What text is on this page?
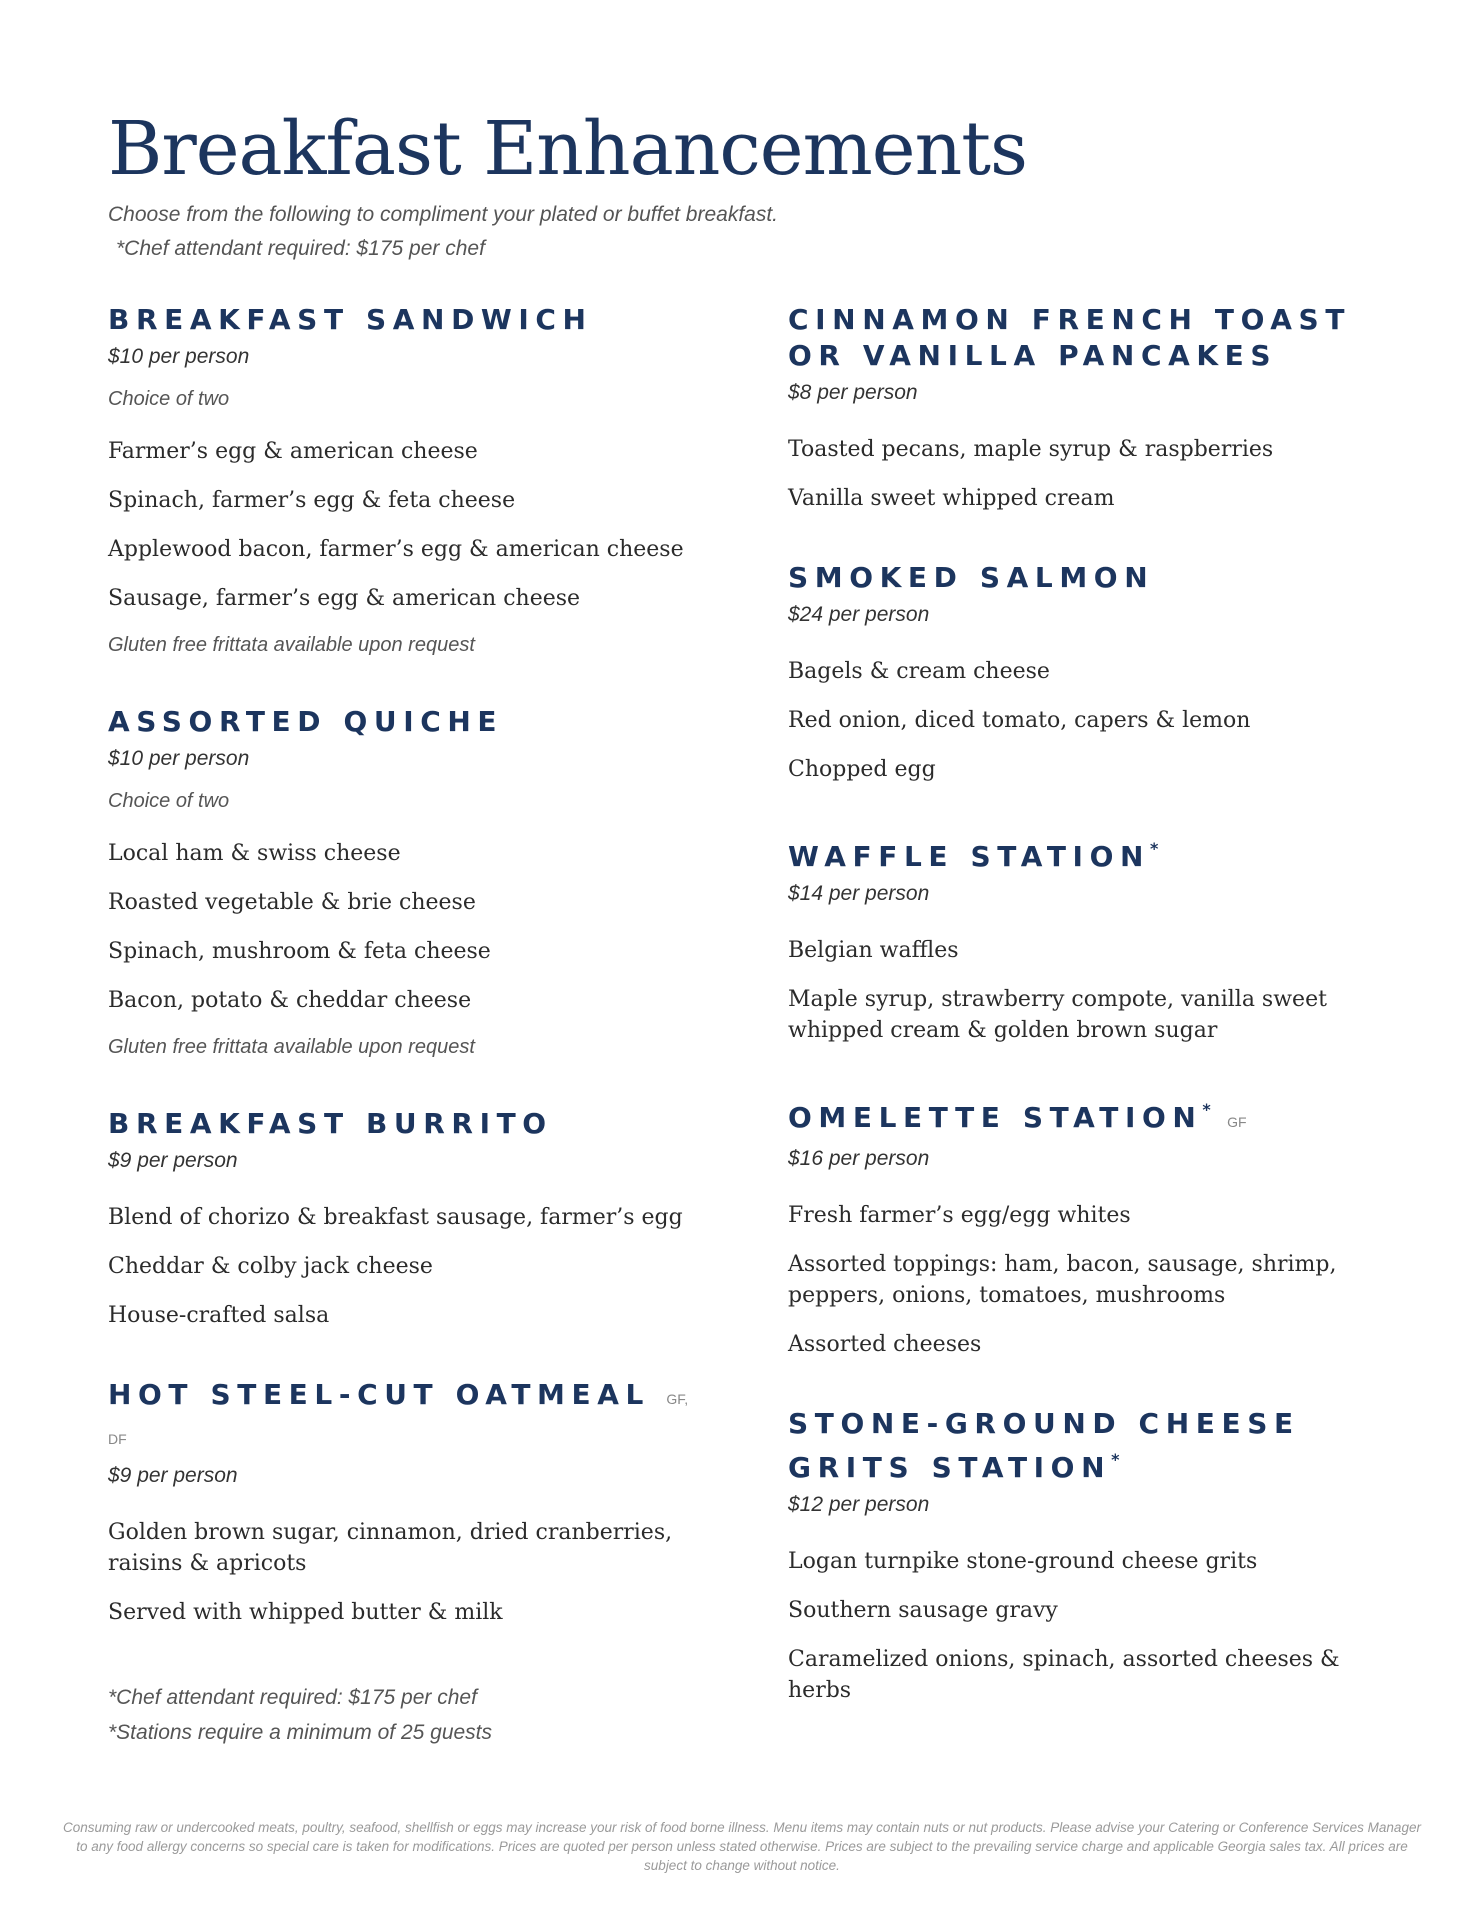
Breakfast Enhancements
Choose from the following to compliment your plated or buffet breakfast.
*Chef attendant required: $175 per chef
BREAKFAST SANDWICH
$10 per person
Choice of two
Farmer’s egg & american cheese
Spinach, farmer’s egg & feta cheese
Applewood bacon, farmer’s egg & american cheese
Sausage, farmer’s egg & american cheese
Gluten free frittata available upon request
ASSORTED QUICHE
$10 per person
Choice of two
Local ham & swiss cheese
Roasted vegetable & brie cheese
Spinach, mushroom & feta cheese
Bacon, potato & cheddar cheese
Gluten free frittata available upon request
BREAKFAST BURRITO
$9 per person
Blend of chorizo & breakfast sausage, farmer’s egg
Cheddar & colby jack cheese
House-crafted salsa
HOT STEEL-CUT OATMEAL GF, DF
$9 per person
Golden brown sugar, cinnamon, dried cranberries, raisins & apricots
Served with whipped butter & milk
CINNAMON FRENCH TOAST OR VANILLA PANCAKES
$8 per person
Toasted pecans, maple syrup & raspberries
Vanilla sweet whipped cream
SMOKED SALMON
$24 per person
Bagels & cream cheese
Red onion, diced tomato, capers & lemon
Chopped egg
WAFFLE STATION*
$14 per person
Belgian waffles
Maple syrup, strawberry compote, vanilla sweet whipped cream & golden brown sugar
OMELETTE STATION* GF
$16 per person
Fresh farmer’s egg/egg whites
Assorted toppings: ham, bacon, sausage, shrimp, peppers, onions, tomatoes, mushrooms
Assorted cheeses
STONE-GROUND CHEESE GRITS STATION*
$12 per person
Logan turnpike stone-ground cheese grits
Southern sausage gravy
Caramelized onions, spinach, assorted cheeses & herbs
*Chef attendant required: $175 per chef
*Stations require a minimum of 25 guests
Consuming raw or undercooked meats, poultry, seafood, shellfish or eggs may increase your risk of food borne illness. Menu items may contain nuts or nut products. Please advise your Catering or Conference Services Manager to any food allergy concerns so special care is taken for modifications. Prices are quoted per person unless stated otherwise. Prices are subject to the prevailing service charge and applicable Georgia sales tax. All prices are subject to change without notice.
